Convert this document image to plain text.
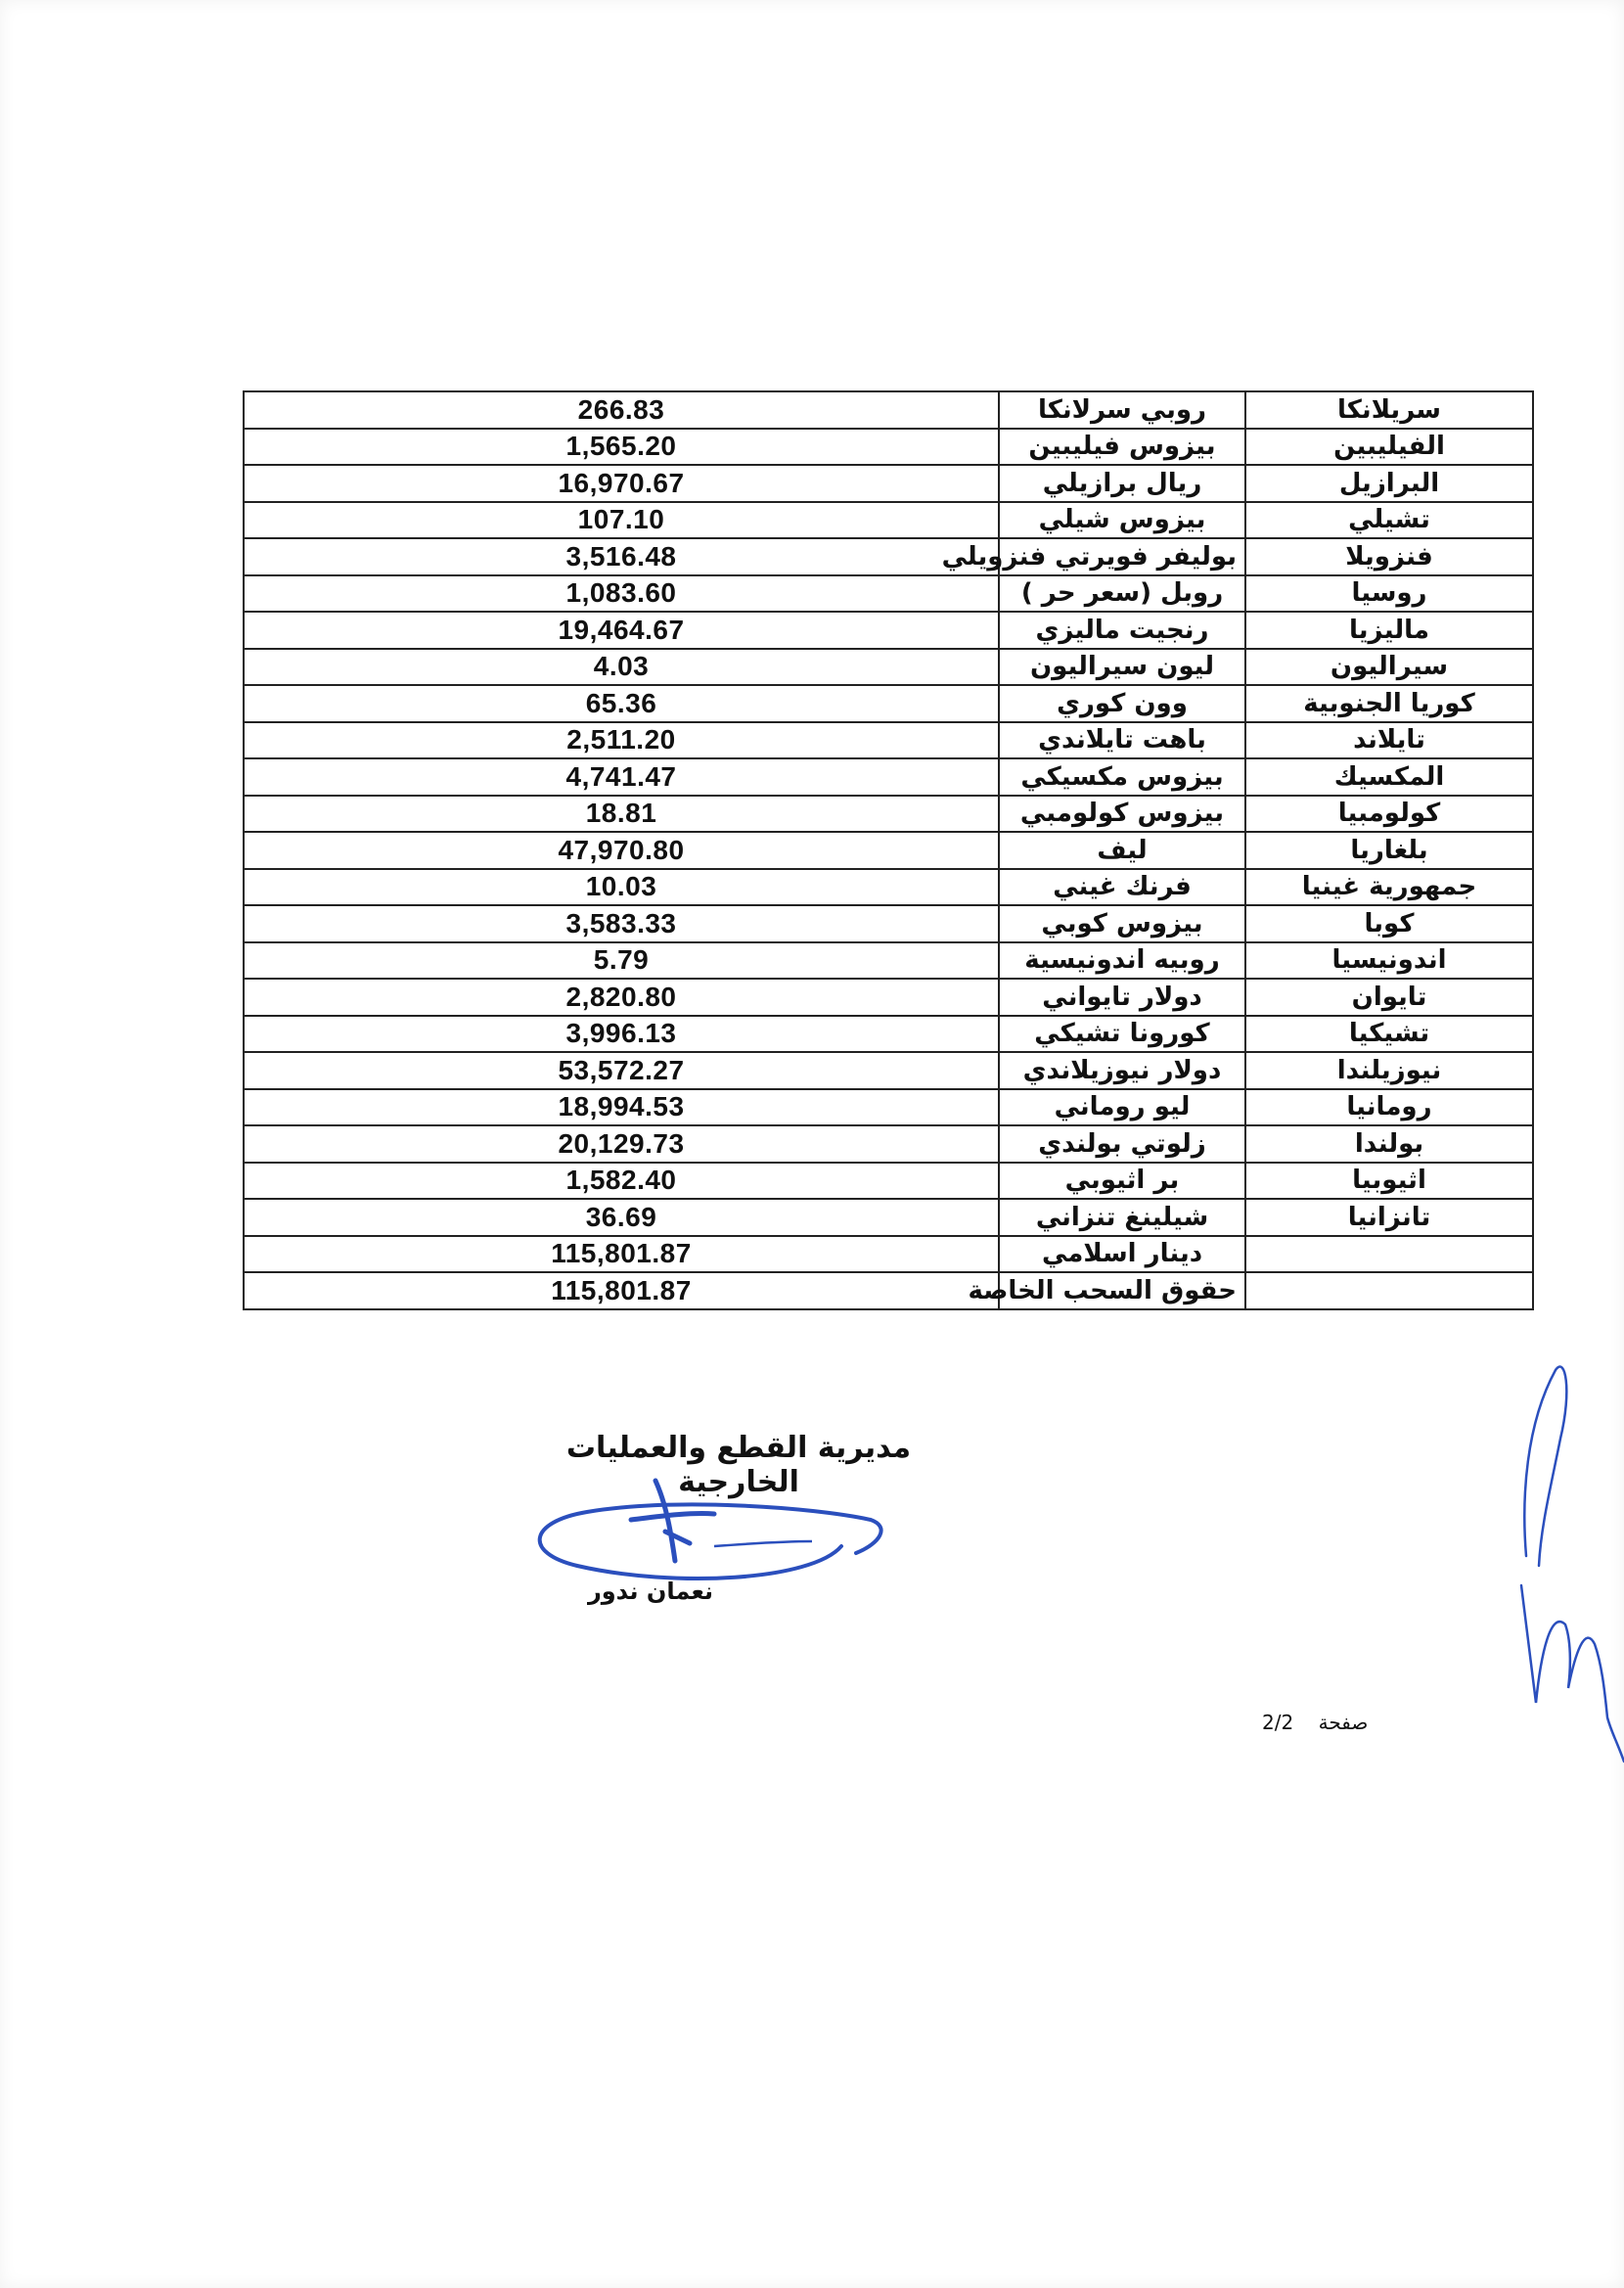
266.83	روبي سرلانكا	سريلانكا
1,565.20	بيزوس فيليبين	الفيليبين
16,970.67	ريال برازيلي	البرازيل
107.10	بيزوس شيلي	تشيلي
3,516.48	بوليفر فويرتي فنزويلي	فنزويلا
1,083.60	روبل (سعر حر )	روسيا
19,464.67	رنجيت ماليزي	ماليزيا
4.03	ليون سيراليون	سيراليون
65.36	وون كوري	كوريا الجنوبية
2,511.20	باهت تايلاندي	تايلاند
4,741.47	بيزوس مكسيكي	المكسيك
18.81	بيزوس كولومبي	كولومبيا
47,970.80	ليف	بلغاريا
10.03	فرنك غيني	جمهورية غينيا
3,583.33	بيزوس كوبي	كوبا
5.79	روبيه اندونيسية	اندونيسيا
2,820.80	دولار تايواني	تايوان
3,996.13	كورونا تشيكي	تشيكيا
53,572.27	دولار نيوزيلاندي	نيوزيلندا
18,994.53	ليو روماني	رومانيا
20,129.73	زلوتي بولندي	بولندا
1,582.40	بر اثيوبي	اثيوبيا
36.69	شيلينغ تنزاني	تانزانيا
115,801.87	دينار اسلامي	
115,801.87	حقوق السحب الخاصة	
مديرية القطع والعمليات الخارجية
نعمان ندور
صفحة    2/2
